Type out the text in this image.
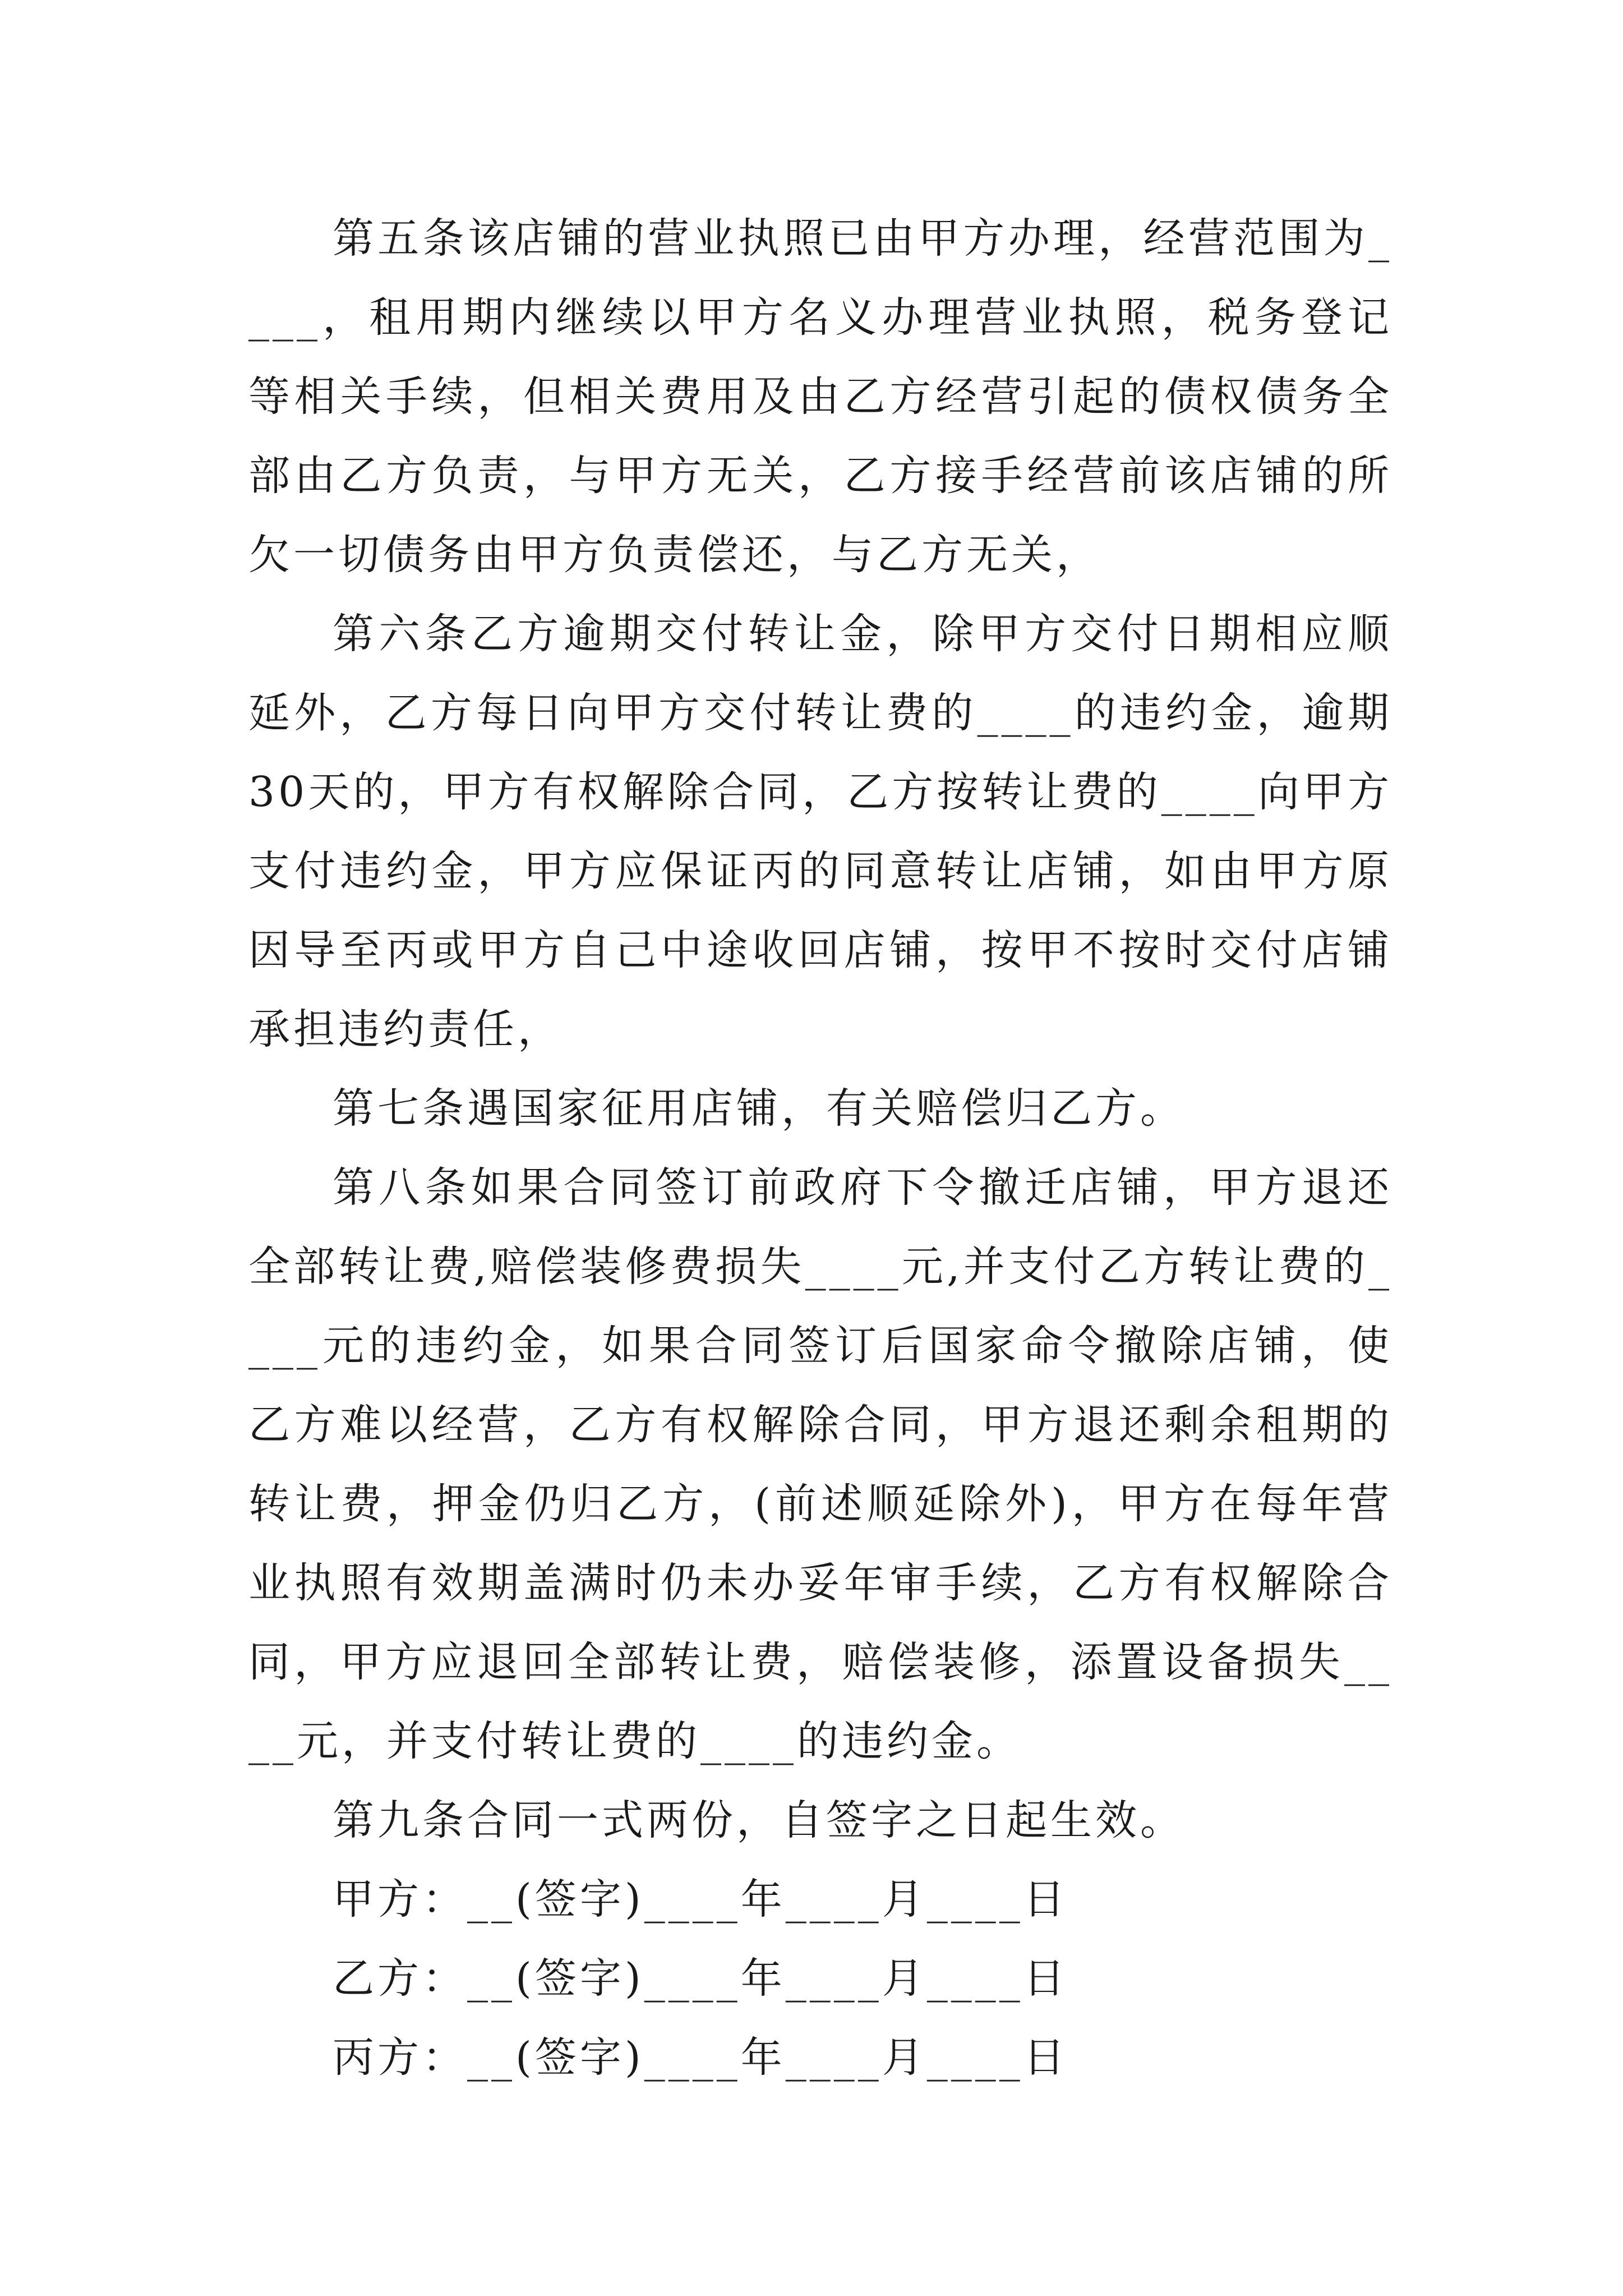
第五条该店铺的营业执照已由甲方办理，经营范围为____，租用期内继续以甲方名义办理营业执照，税务登记等相关手续，但相关费用及由乙方经营引起的债权债务全部由乙方负责，与甲方无关，乙方接手经营前该店铺的所欠一切债务由甲方负责偿还，与乙方无关，

第六条乙方逾期交付转让金，除甲方交付日期相应顺延外，乙方每日向甲方交付转让费的____的违约金，逾期30天的，甲方有权解除合同，乙方按转让费的____向甲方支付违约金，甲方应保证丙的同意转让店铺，如由甲方原因导至丙或甲方自己中途收回店铺，按甲不按时交付店铺承担违约责任，

第七条遇国家征用店铺，有关赔偿归乙方。

第八条如果合同签订前政府下令撤迁店铺，甲方退还全部转让费,赔偿装修费损失____元,并支付乙方转让费的____元的违约金，如果合同签订后国家命令撤除店铺，使乙方难以经营，乙方有权解除合同，甲方退还剩余租期的转让费，押金仍归乙方，(前述顺延除外)，甲方在每年营业执照有效期盖满时仍未办妥年审手续，乙方有权解除合同，甲方应退回全部转让费，赔偿装修，添置设备损失____元，并支付转让费的____的违约金。

第九条合同一式两份，自签字之日起生效。

甲方：__(签字)____年____月____日

乙方：__(签字)____年____月____日

丙方：__(签字)____年____月____日
